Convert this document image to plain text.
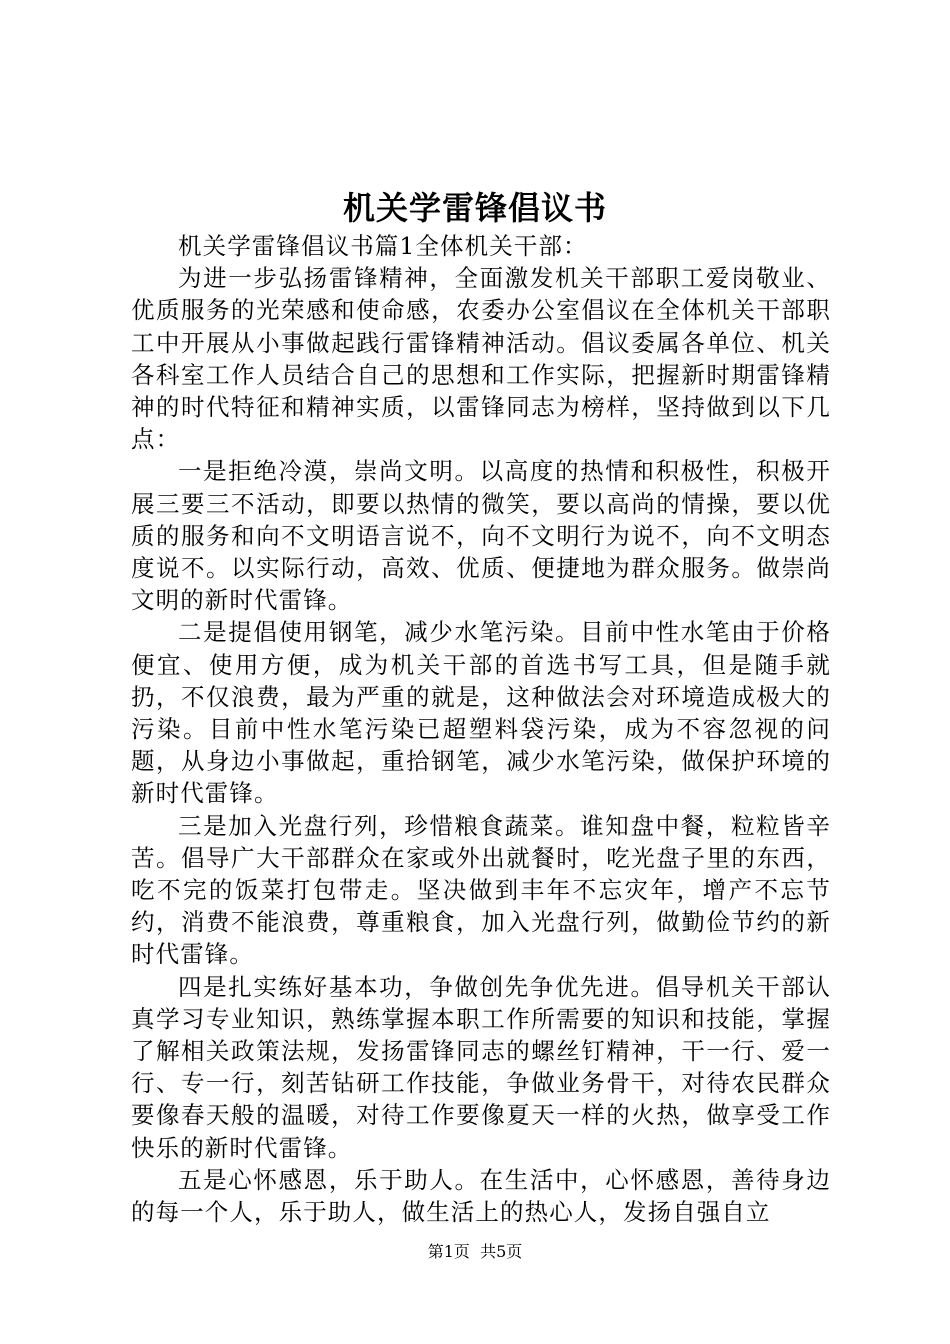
机关学雷锋倡议书

机关学雷锋倡议书篇1全体机关干部：

为进一步弘扬雷锋精神，全面激发机关干部职工爱岗敬业、优质服务的光荣感和使命感，农委办公室倡议在全体机关干部职工中开展从小事做起践行雷锋精神活动。倡议委属各单位、机关各科室工作人员结合自己的思想和工作实际，把握新时期雷锋精神的时代特征和精神实质，以雷锋同志为榜样，坚持做到以下几点：

一是拒绝冷漠，崇尚文明。以高度的热情和积极性，积极开展三要三不活动，即要以热情的微笑，要以高尚的情操，要以优质的服务和向不文明语言说不，向不文明行为说不，向不文明态度说不。以实际行动，高效、优质、便捷地为群众服务。做崇尚文明的新时代雷锋。

二是提倡使用钢笔，减少水笔污染。目前中性水笔由于价格便宜、使用方便，成为机关干部的首选书写工具，但是随手就扔，不仅浪费，最为严重的就是，这种做法会对环境造成极大的污染。目前中性水笔污染已超塑料袋污染，成为不容忽视的问题，从身边小事做起，重拾钢笔，减少水笔污染，做保护环境的新时代雷锋。

三是加入光盘行列，珍惜粮食蔬菜。谁知盘中餐，粒粒皆辛苦。倡导广大干部群众在家或外出就餐时，吃光盘子里的东西，吃不完的饭菜打包带走。坚决做到丰年不忘灾年，增产不忘节约，消费不能浪费，尊重粮食，加入光盘行列，做勤俭节约的新时代雷锋。

四是扎实练好基本功，争做创先争优先进。倡导机关干部认真学习专业知识，熟练掌握本职工作所需要的知识和技能，掌握了解相关政策法规，发扬雷锋同志的螺丝钉精神，干一行、爱一行、专一行，刻苦钻研工作技能，争做业务骨干，对待农民群众要像春天般的温暖，对待工作要像夏天一样的火热，做享受工作快乐的新时代雷锋。

五是心怀感恩，乐于助人。在生活中，心怀感恩，善待身边的每一个人，乐于助人，做生活上的热心人，发扬自强自立

第1页 共5页
